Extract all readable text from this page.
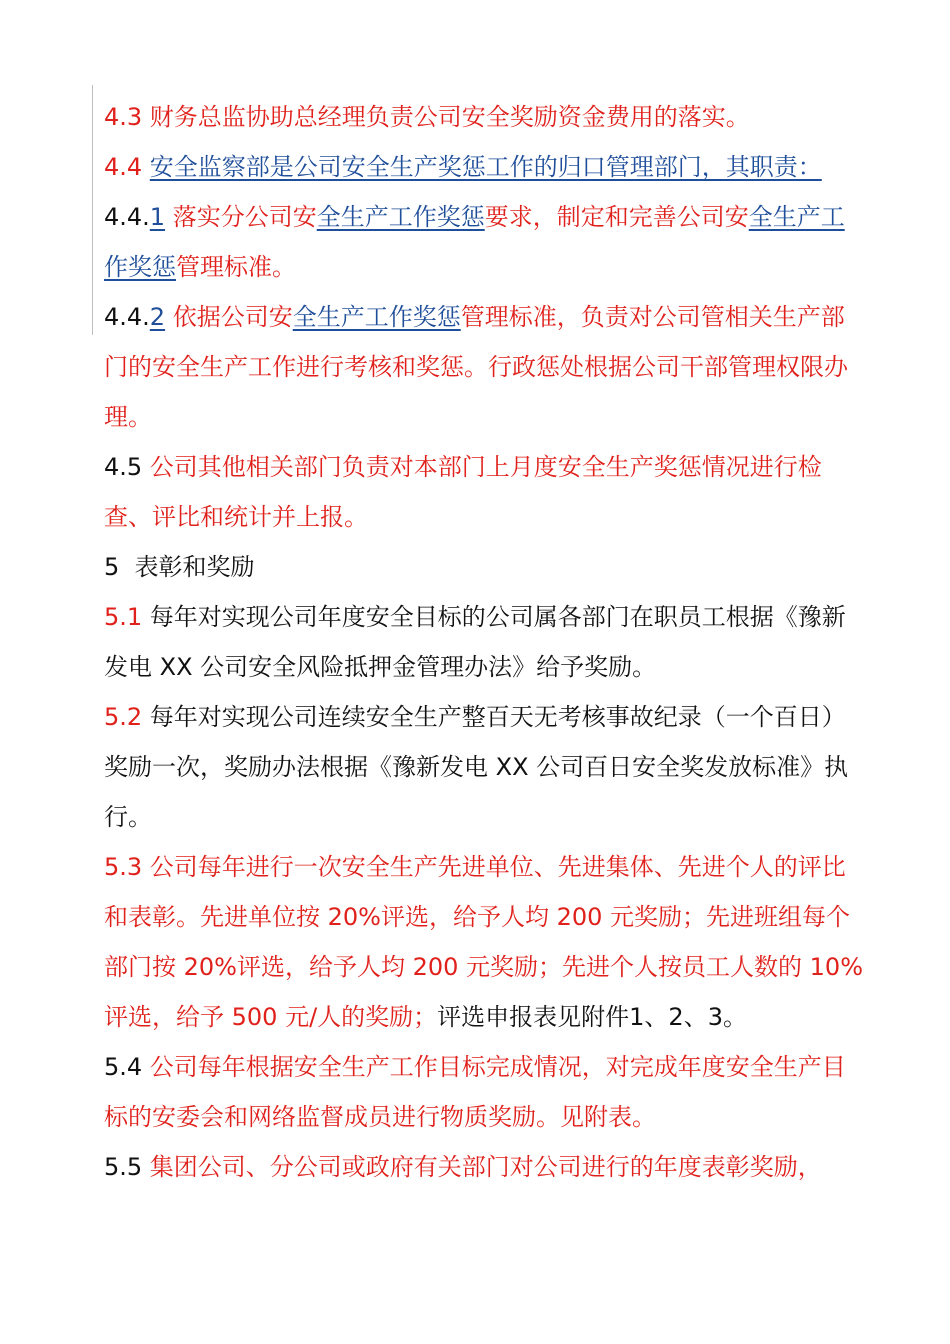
4.3 财务总监协助总经理负责公司安全奖励资金费用的落实。

4.4 安全监察部是公司安全生产奖惩工作的归口管理部门，其职责：

4.4.1 落实分公司安全生产工作奖惩要求，制定和完善公司安全生产工作奖惩管理标准。

4.4.2 依据公司安全生产工作奖惩管理标准，负责对公司管相关生产部门的安全生产工作进行考核和奖惩。行政惩处根据公司干部管理权限办理。

4.5 公司其他相关部门负责对本部门上月度安全生产奖惩情况进行检查、评比和统计并上报。

5  表彰和奖励

5.1 每年对实现公司年度安全目标的公司属各部门在职员工根据《豫新发电 XX 公司安全风险抵押金管理办法》给予奖励。

5.2 每年对实现公司连续安全生产整百天无考核事故纪录（一个百日）奖励一次，奖励办法根据《豫新发电 XX 公司百日安全奖发放标准》执行。

5.3 公司每年进行一次安全生产先进单位、先进集体、先进个人的评比和表彰。先进单位按 20%评选，给予人均 200 元奖励；先进班组每个部门按 20%评选，给予人均 200 元奖励；先进个人按员工人数的 10%评选，给予 500 元/人的奖励；评选申报表见附件1、2、3。

5.4 公司每年根据安全生产工作目标完成情况，对完成年度安全生产目标的安委会和网络监督成员进行物质奖励。见附表。

5.5 集团公司、分公司或政府有关部门对公司进行的年度表彰奖励，
